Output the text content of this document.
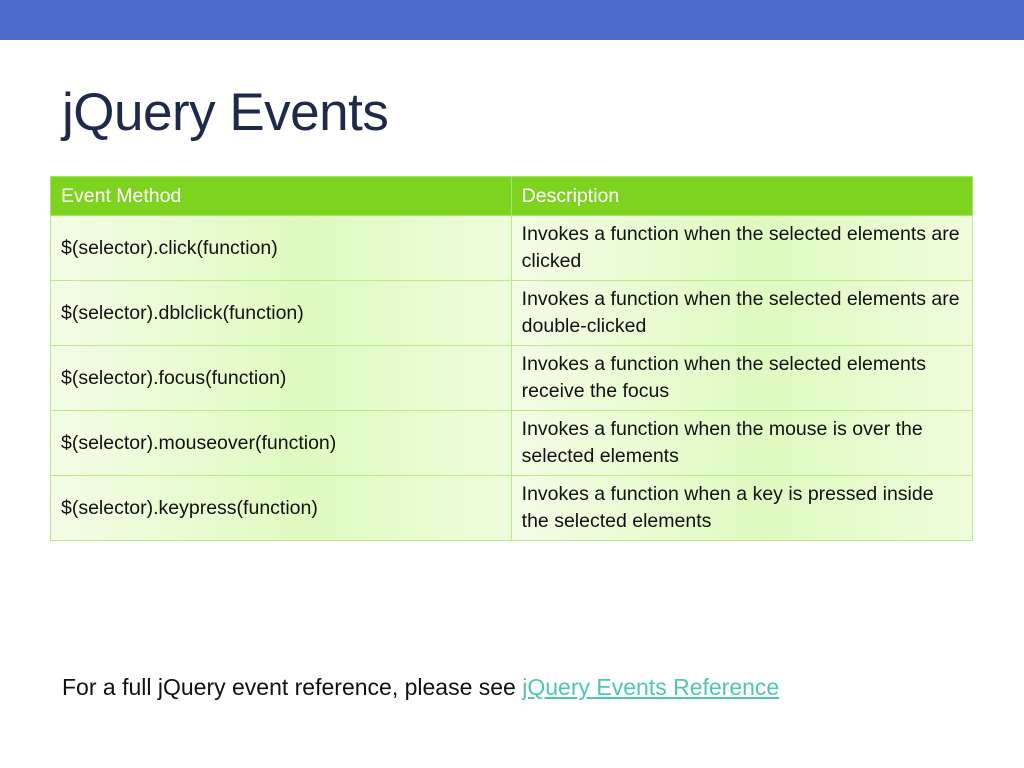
jQuery Events
Event Method	Description
$(selector).click(function)	Invokes a function when the selected elements are clicked
$(selector).dblclick(function)	Invokes a function when the selected elements are double-clicked
$(selector).focus(function)	Invokes a function when the selected elements receive the focus
$(selector).mouseover(function)	Invokes a function when the mouse is over the selected elements
$(selector).keypress(function)	Invokes a function when a key is pressed inside the selected elements

For a full jQuery event reference, please see jQuery Events Reference
